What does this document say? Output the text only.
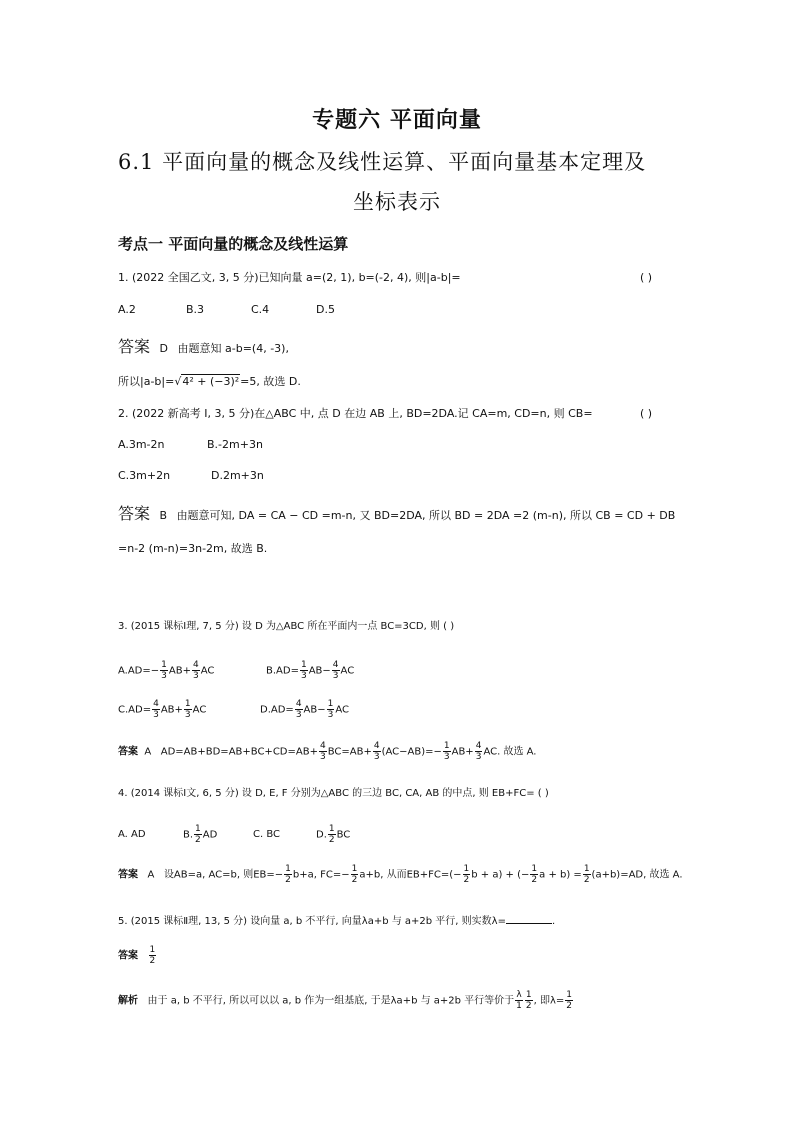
专题六 平面向量
6.1 平面向量的概念及线性运算、平面向量基本定理及
坐标表示
考点一 平面向量的概念及线性运算
1. (2022 全国乙文, 3, 5 分)已知向量 a=(2, 1), b=(-2, 4), 则|a-b|=	( )
A.2	B.3	C.4	D.5
答案 D 由题意知 a-b=(4, -3),
所以|a-b|=√4² + (−3)²=5, 故选 D.
2. (2022 新高考 Ⅰ, 3, 5 分)在△ABC 中, 点 D 在边 AB 上, BD=2DA.记 CA=m, CD=n, 则 CB=	( )
A.3m-2n	B.-2m+3n
C.3m+2n	D.2m+3n
答案 B 由题意可知, DA = CA − CD =m-n, 又 BD=2DA, 所以 BD = 2DA =2 (m-n), 所以 CB = CD + DB
=n-2 (m-n)=3n-2m, 故选 B.
3. (2015 课标Ⅰ理, 7, 5 分) 设 D 为△ABC 所在平面内一点 BC=3CD, 则 ( )
$A.AD=- \frac{1}{3} AB+ \frac{4}{3}$ AC	$B.AD= \frac{1}{3} AB- \frac{4}{3}$ AC
$C.AD= \frac{4}{3} AB+ \frac{1}{3}$ AC	$D.AD= \frac{4}{3} AB- \frac{1}{3}$ AC
答案 A $AD=AB+BD=AB+BC+CD=AB+ \frac{4}{3} BC=AB+ \frac{4}{3} (AC-AB)=- \frac{1}{3} AB+ \frac{4}{3}$ AC. 故选 A.
4. (2014 课标Ⅰ文, 6, 5 分) 设 D, E, F 分别为△ABC 的三边 BC, CA, AB 的中点, 则 EB+FC= ( )
A. AD	B. $\frac{1}{2}$ AD	C. BC	D. $\frac{1}{2}$ BC
答案 A 设AB=a, AC=b, 则$EB=- \frac{1}{2} b+a$, $FC=- \frac{1}{2} a+b$, 从而$EB+FC=(- \frac{1}{2}$ b + a) + (− $\frac{1}{2}$ $a + b) = \frac{1}{2} (a+b)=AD$, 故选 A.
5. (2015 课标Ⅱ理, 13, 5 分) 设向量 a, b 不平行, 向量λa+b 与 a+2b 平行, 则实数λ=	.
答案 $\frac{1}{2}$
解析 由于 a, b 不平行, 所以可以以 a, b 作为一组基底, 于是λa+b 与 a+2b 平行等价于 $\frac{\lambda}{1} \frac{1}{2}$ , 即$\lambda= \frac{1}{2}$
